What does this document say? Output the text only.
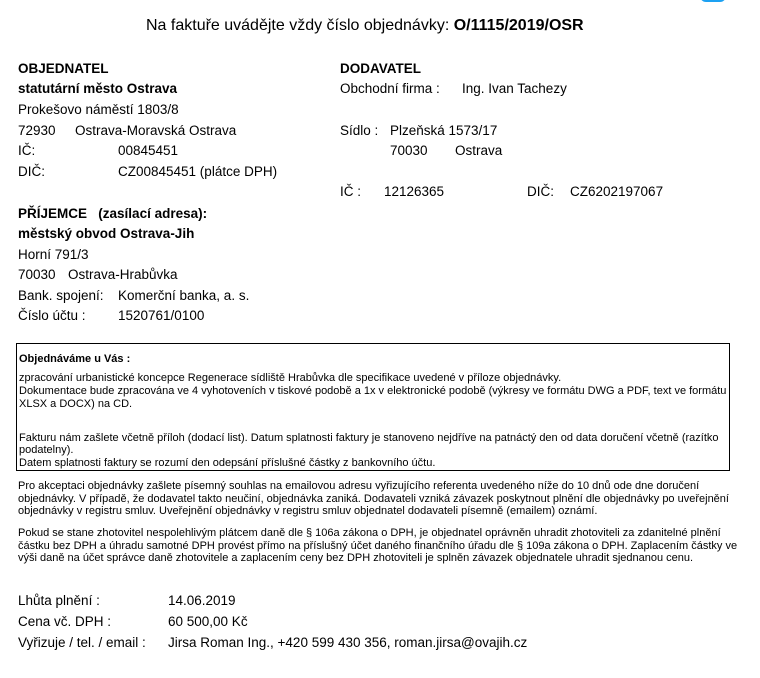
Na faktuře uvádějte vždy číslo objednávky: O/1115/2019/OSR
OBJEDNATEL
statutární město Ostrava
Prokešovo náměstí 1803/8
72930 Ostrava-Moravská Ostrava
IČ:	00845451
DIČ:	CZ00845451 (plátce DPH)
DODAVATEL
Obchodní firma : Ing. Ivan Tachezy
Sídlo : Plzeňská 1573/17
70030 Ostrava
IČ : 12126365	DIČ: CZ6202197067
PŘÍJEMCE (zasílací adresa):
městský obvod Ostrava-Jih
Horní 791/3
70030 Ostrava-Hrabůvka
Bank. spojení: Komerční banka, a. s.
Číslo účtu : 1520761/0100
Objednáváme u Vás :
zpracování urbanistické koncepce Regenerace sídliště Hrabůvka dle specifikace uvedené v příloze objednávky.
Dokumentace bude zpracována ve 4 vyhotoveních v tiskové podobě a 1x v elektronické podobě (výkresy ve formátu DWG a PDF, text ve formátu
XLSX a DOCX) na CD.
Fakturu nám zašlete včetně příloh (dodací list). Datum splatnosti faktury je stanoveno nejdříve na patnáctý den od data doručení včetně (razítko
podatelny).
Datem splatnosti faktury se rozumí den odepsání příslušné částky z bankovního účtu.
Pro akceptaci objednávky zašlete písemný souhlas na emailovou adresu vyřizujícího referenta uvedeného níže do 10 dnů ode dne doručení
objednávky. V případě, že dodavatel takto neučiní, objednávka zaniká. Dodavateli vzniká závazek poskytnout plnění dle objednávky po uveřejnění
objednávky v registru smluv. Uveřejnění objednávky v registru smluv objednatel dodavateli písemně (emailem) oznámí.
Pokud se stane zhotovitel nespolehlivým plátcem daně dle § 106a zákona o DPH, je objednatel oprávněn uhradit zhotoviteli za zdanitelné plnění
částku bez DPH a úhradu samotné DPH provést přímo na příslušný účet daného finančního úřadu dle § 109a zákona o DPH. Zaplacením částky ve
výši daně na účet správce daně zhotovitele a zaplacením ceny bez DPH zhotoviteli je splněn závazek objednatele uhradit sjednanou cenu.
Lhůta plnění :	14.06.2019
Cena vč. DPH :	60 500,00 Kč
Vyřizuje / tel. / email : Jirsa Roman Ing., +420 599 430 356, roman.jirsa@ovajih.cz
